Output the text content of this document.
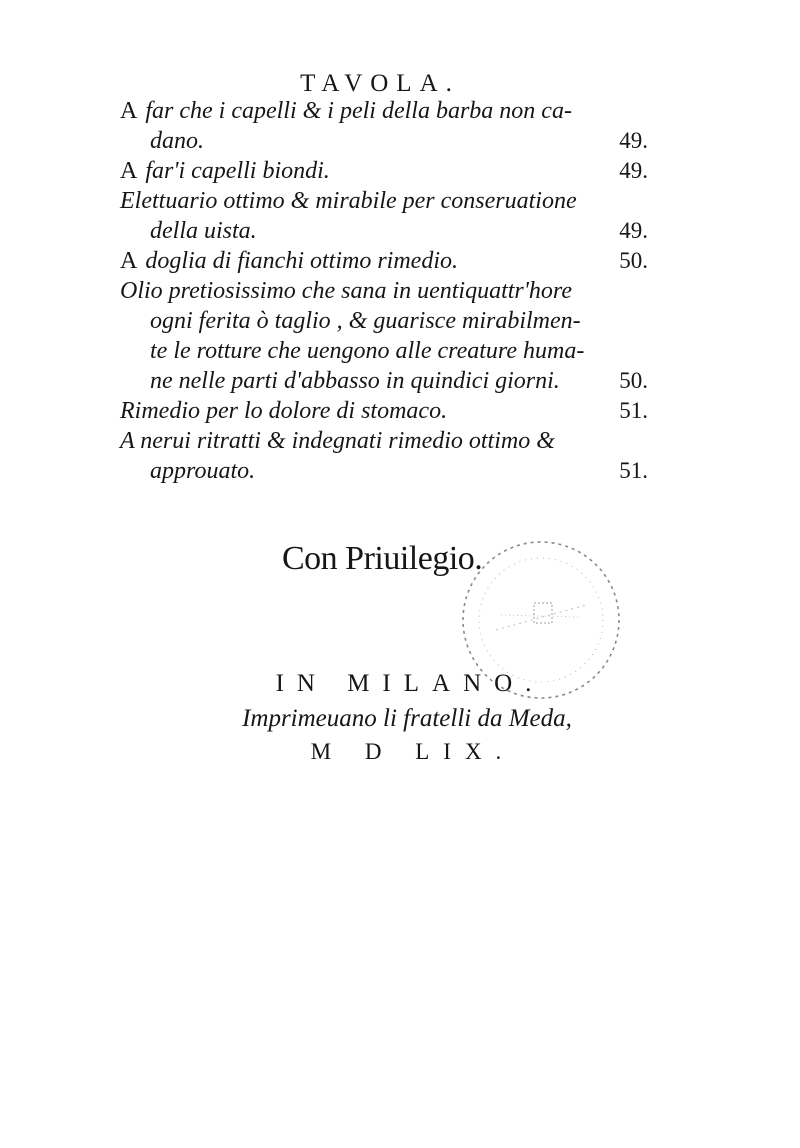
TAVOLA.
A far che i capelli & i peli della barba non ca-
dano.	49.
A far'i capelli biondi.	49.
Elettuario ottimo & mirabile per conseruatione
della uista.	49.
A doglia di fianchi ottimo rimedio.	50.
Olio pretiosissimo che sana in uentiquattr'hore
ogni ferita ò taglio , & guarisce mirabilmen-
te le rotture che uengono alle creature huma-
ne nelle parti d'abbasso in quindici giorni.	50.
Rimedio per lo dolore di stomaco.	51.
A nerui ritratti & indegnati rimedio ottimo &
approuato.	51.
Con Priuilegio.
IN MILANO.
Imprimeuano li fratelli da Meda,
M D LIX.
